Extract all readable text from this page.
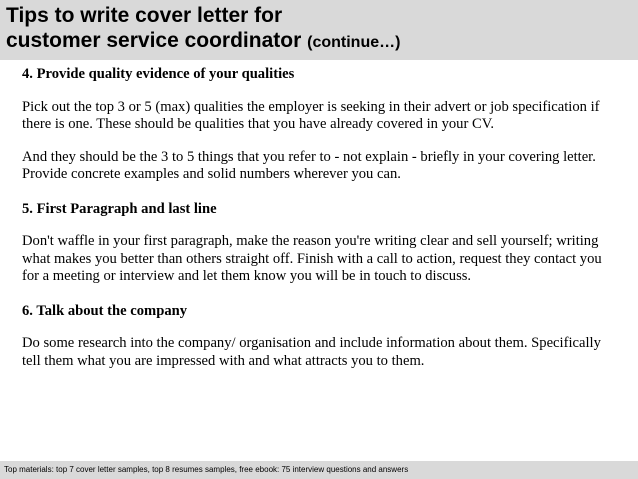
Tips to write cover letter for
customer service coordinator (continue…)

4. Provide quality evidence of your qualities

Pick out the top 3 or 5 (max) qualities the employer is seeking in their advert or job specification if there is one. These should be qualities that you have already covered in your CV.

And they should be the 3 to 5 things that you refer to - not explain - briefly in your covering letter. Provide concrete examples and solid numbers wherever you can.

5. First Paragraph and last line

Don't waffle in your first paragraph, make the reason you're writing clear and sell yourself; writing what makes you better than others straight off. Finish with a call to action, request they contact you for a meeting or interview and let them know you will be in touch to discuss.

6. Talk about the company

Do some research into the company/ organisation and include information about them. Specifically tell them what you are impressed with and what attracts you to them.

Top materials: top 7 cover letter samples, top 8 resumes samples, free ebook: 75 interview questions and answers
